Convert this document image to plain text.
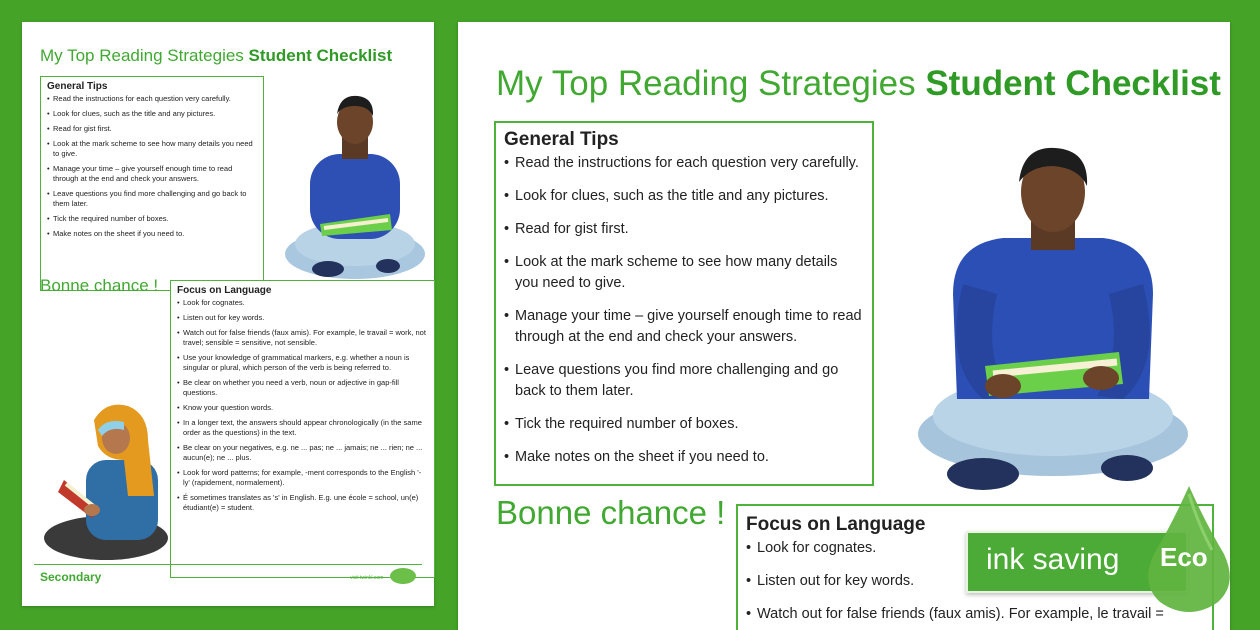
My Top Reading Strategies Student Checklist
General Tips
• Read the instructions for each question very carefully.
• Look for clues, such as the title and any pictures.
• Read for gist first.
• Look at the mark scheme to see how many details you need to give.
• Manage your time – give yourself enough time to read through at the end and check your answers.
• Leave questions you find more challenging and go back to them later.
• Tick the required number of boxes.
• Make notes on the sheet if you need to.
Bonne chance ! Focus on Language
• Look for cognates.
• Listen out for key words.
• Watch out for false friends (faux amis). For example, le travail = work, not travel; sensible = sensitive, not sensible.
• Use your knowledge of grammatical markers, e.g. whether a noun is singular or plural, which person of the verb is being referred to.
• Be clear on whether you need a verb, noun or adjective in gap-fill questions.
• Know your question words.
• In a longer text, the answers should appear chronologically (in the same order as the questions) in the text.
• Be clear on your negatives, e.g. ne ... pas; ne ... jamais; ne ... rien; ne ... aucun(e); ne ... plus.
• Look for word patterns; for example, -ment corresponds to the English '-ly' (rapidement, normalement).
• É sometimes translates as 's' in English. E.g. une école = school, un(e) étudiant(e) = student.
Secondary	visit twinkl.com
My Top Reading Strategies Student Checklist
General Tips
• Read the instructions for each question very carefully.
• Look for clues, such as the title and any pictures.
• Read for gist first.
• Look at the mark scheme to see how many details you need to give.
• Manage your time – give yourself enough time to read through at the end and check your answers.
• Leave questions you find more challenging and go back to them later.
• Tick the required number of boxes.
• Make notes on the sheet if you need to.
Bonne chance ! Focus on Language
• Look for cognates.
• Listen out for key words.
• Watch out for false friends (faux amis). For example, le travail =
ink saving Eco
